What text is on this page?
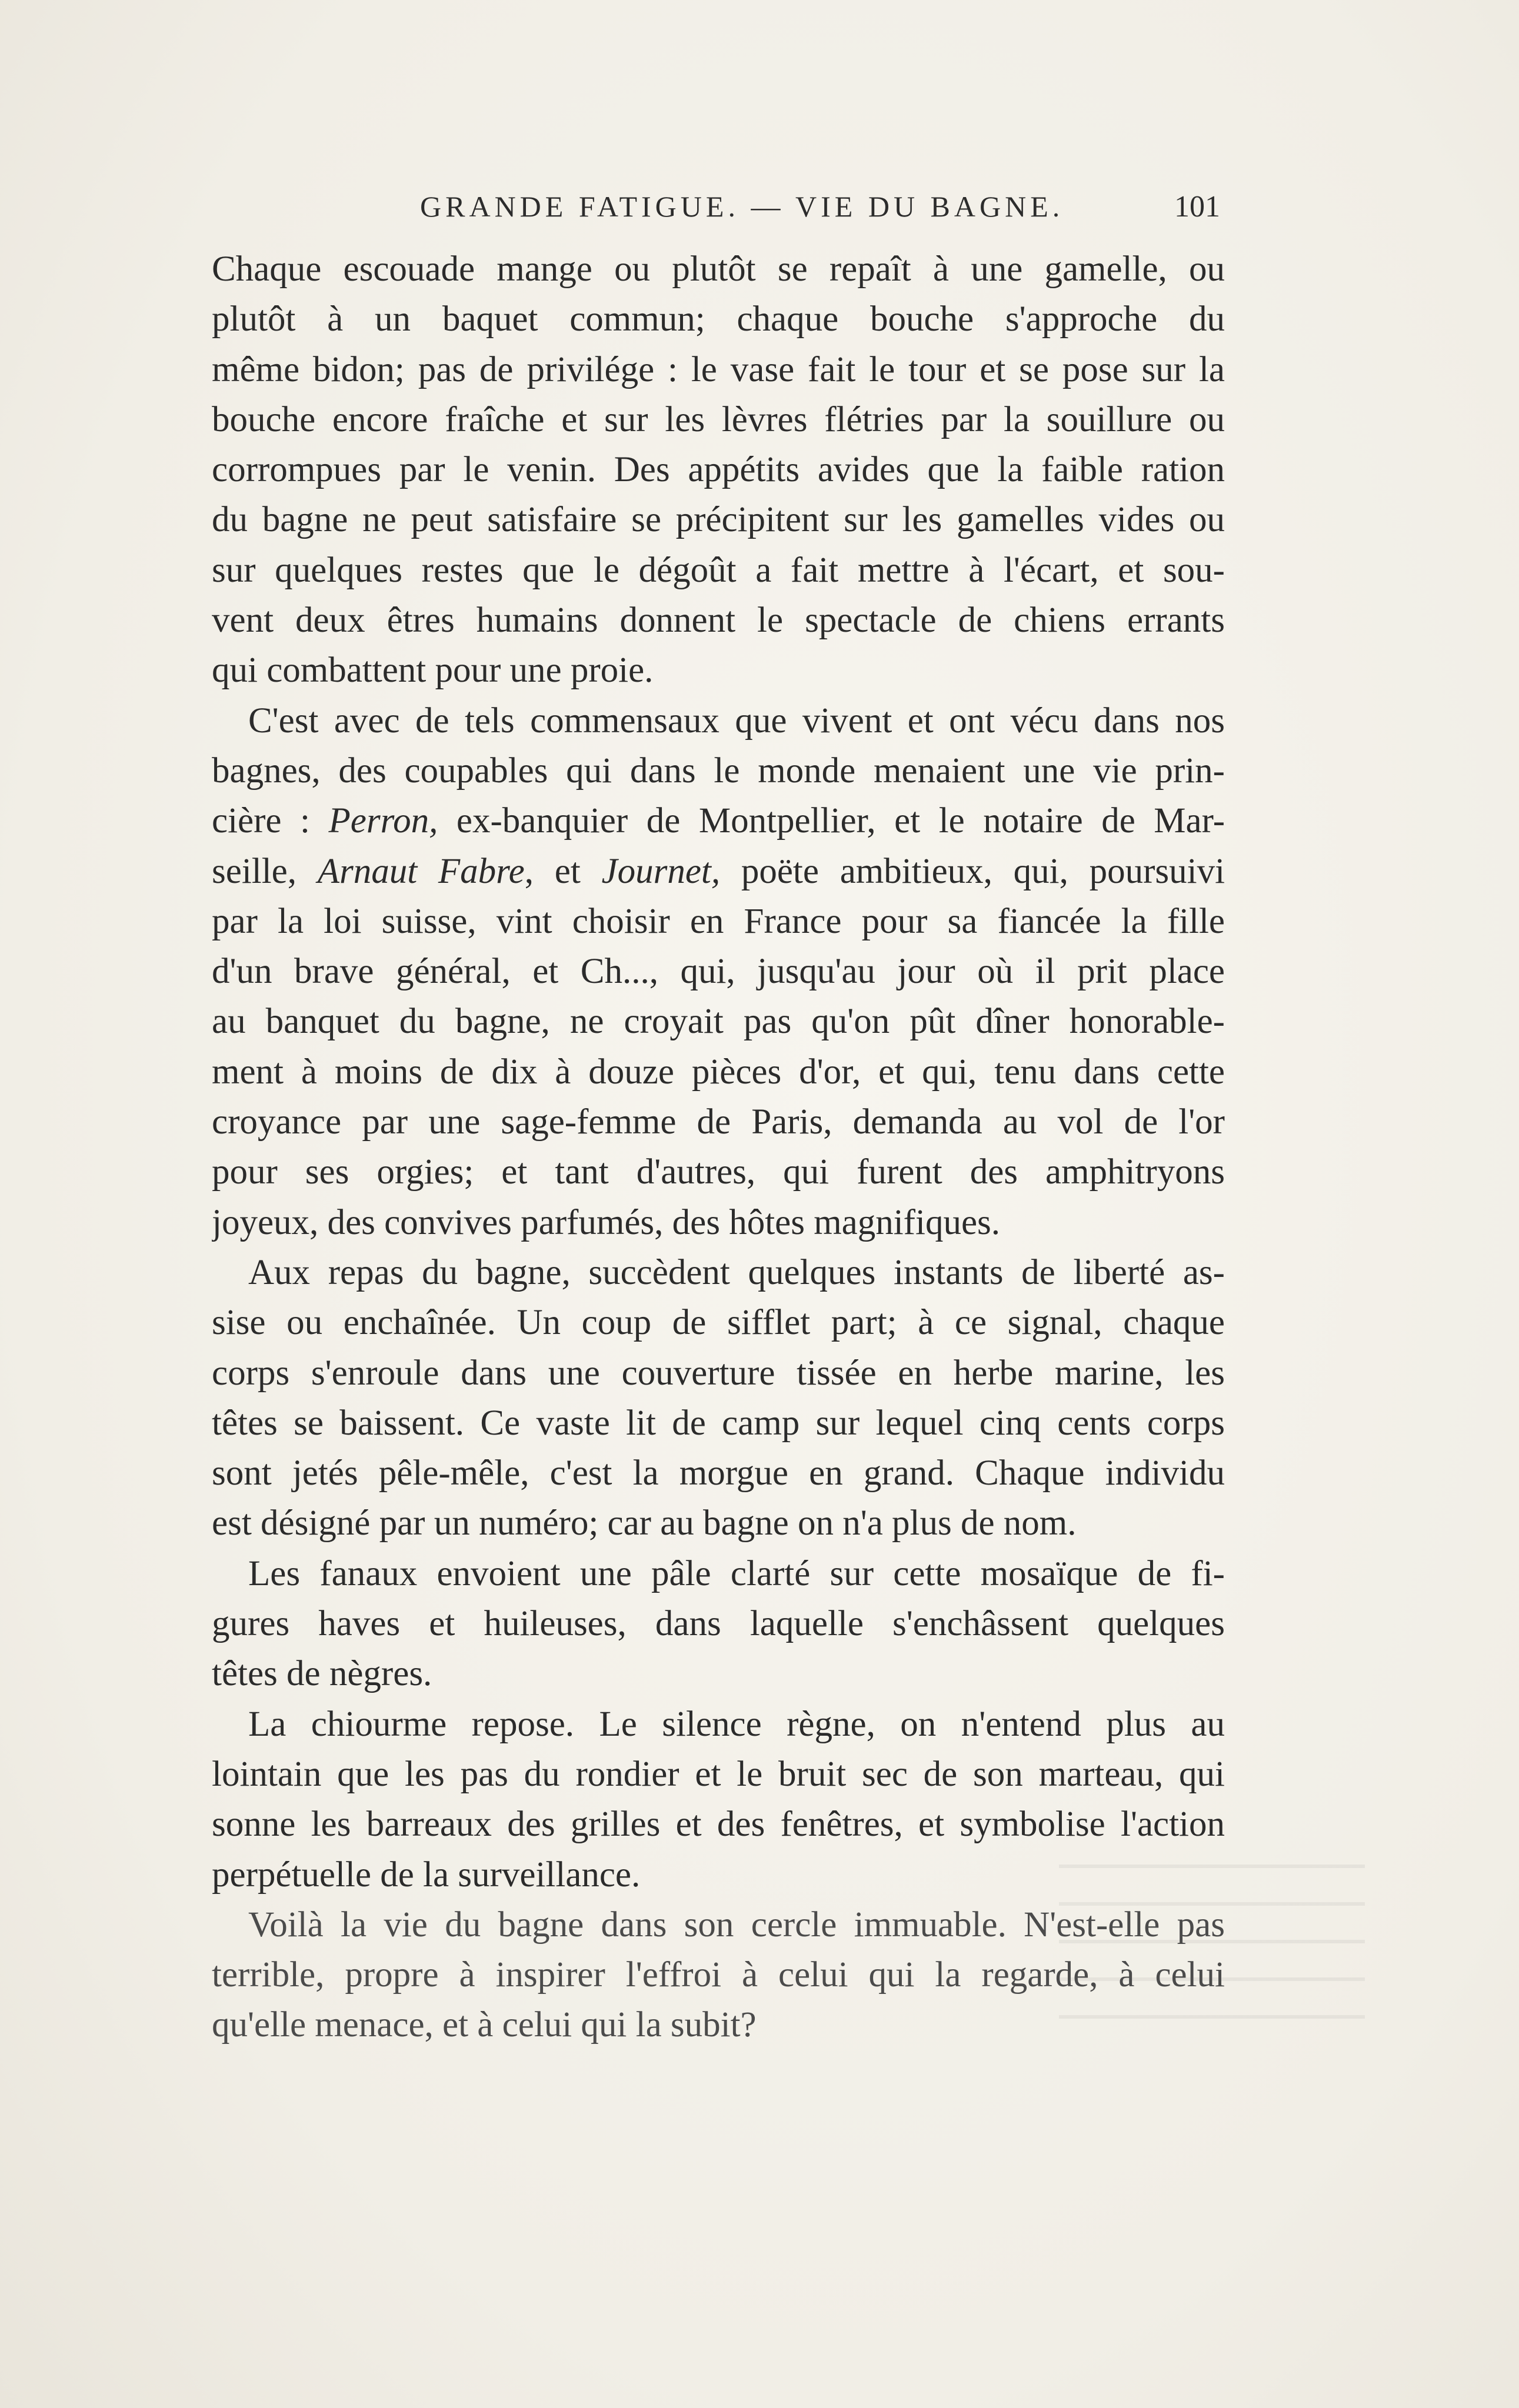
GRANDE FATIGUE. — VIE DU BAGNE.	101
Chaque escouade mange ou plutôt se repaît à une gamelle, ou
plutôt à un baquet commun; chaque bouche s'approche du
même bidon; pas de privilége : le vase fait le tour et se pose sur la
bouche encore fraîche et sur les lèvres flétries par la souillure ou
corrompues par le venin. Des appétits avides que la faible ration
du bagne ne peut satisfaire se précipitent sur les gamelles vides ou
sur quelques restes que le dégoût a fait mettre à l'écart, et sou-
vent deux êtres humains donnent le spectacle de chiens errants
qui combattent pour une proie.
C'est avec de tels commensaux que vivent et ont vécu dans nos
bagnes, des coupables qui dans le monde menaient une vie prin-
cière : Perron, ex-banquier de Montpellier, et le notaire de Mar-
seille, Arnaut Fabre, et Journet, poëte ambitieux, qui, poursuivi
par la loi suisse, vint choisir en France pour sa fiancée la fille
d'un brave général, et Ch..., qui, jusqu'au jour où il prit place
au banquet du bagne, ne croyait pas qu'on pût dîner honorable-
ment à moins de dix à douze pièces d'or, et qui, tenu dans cette
croyance par une sage-femme de Paris, demanda au vol de l'or
pour ses orgies; et tant d'autres, qui furent des amphitryons
joyeux, des convives parfumés, des hôtes magnifiques.
Aux repas du bagne, succèdent quelques instants de liberté as-
sise ou enchaînée. Un coup de sifflet part; à ce signal, chaque
corps s'enroule dans une couverture tissée en herbe marine, les
têtes se baissent. Ce vaste lit de camp sur lequel cinq cents corps
sont jetés pêle-mêle, c'est la morgue en grand. Chaque individu
est désigné par un numéro; car au bagne on n'a plus de nom.
Les fanaux envoient une pâle clarté sur cette mosaïque de fi-
gures haves et huileuses, dans laquelle s'enchâssent quelques
têtes de nègres.
La chiourme repose. Le silence règne, on n'entend plus au
lointain que les pas du rondier et le bruit sec de son marteau, qui
sonne les barreaux des grilles et des fenêtres, et symbolise l'action
perpétuelle de la surveillance.
Voilà la vie du bagne dans son cercle immuable. N'est-elle pas
terrible, propre à inspirer l'effroi à celui qui la regarde, à celui
qu'elle menace, et à celui qui la subit?
